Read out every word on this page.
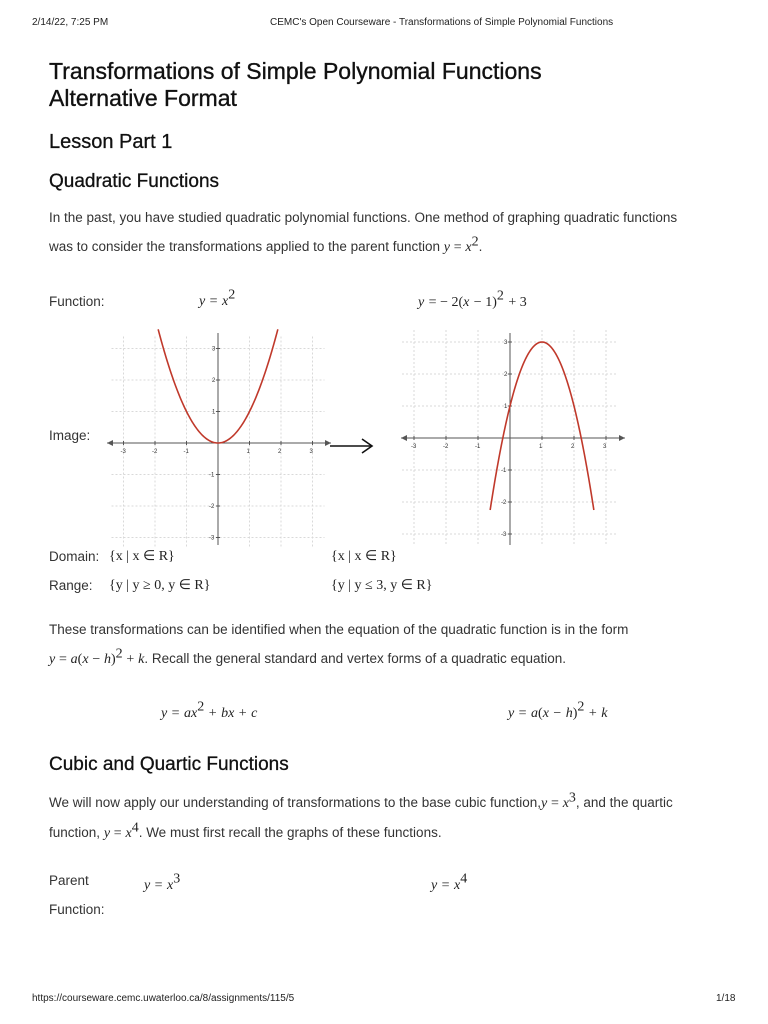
2/14/22, 7:25 PM	CEMC's Open Courseware - Transformations of Simple Polynomial Functions
Transformations of Simple Polynomial Functions
Alternative Format
Lesson Part 1
Quadratic Functions
In the past, you have studied quadratic polynomial functions. One method of graphing quadratic functions
was to consider the transformations applied to the parent function $y = x^2$.
Function:	$y = x^2$	y = − $2(x - 1)^2 + 3$
-3	-2	-1	1	2	3
3
2
1
-1
-2
-3
Image:
-3	-2	-1	1	2	3
3
2
1
-1
-2
-3
Domain: {x | x ∈ R}	{x | x ∈ R}
Range: {y | y ≥ 0, y ∈ R}	{y | y ≤ 3, y ∈ R}
These transformations can be identified when the equation of the quadratic function is in the form
$y = a(x - h)^2 + k$. Recall the general standard and vertex forms of a quadratic equation.
$y = ax^2$ + bx + c	$y = a(x - h)^2 + k$
Cubic and Quartic Functions
We will now apply our understanding of transformations to the base cubic function,y = $x^3$, and the quartic
function, $y = x^4$. We must first recall the graphs of these functions.
Parent
Function:
$y = x^3$	$y = x^4$
https://courseware.cemc.uwaterloo.ca/8/assignments/115/5	1/18
